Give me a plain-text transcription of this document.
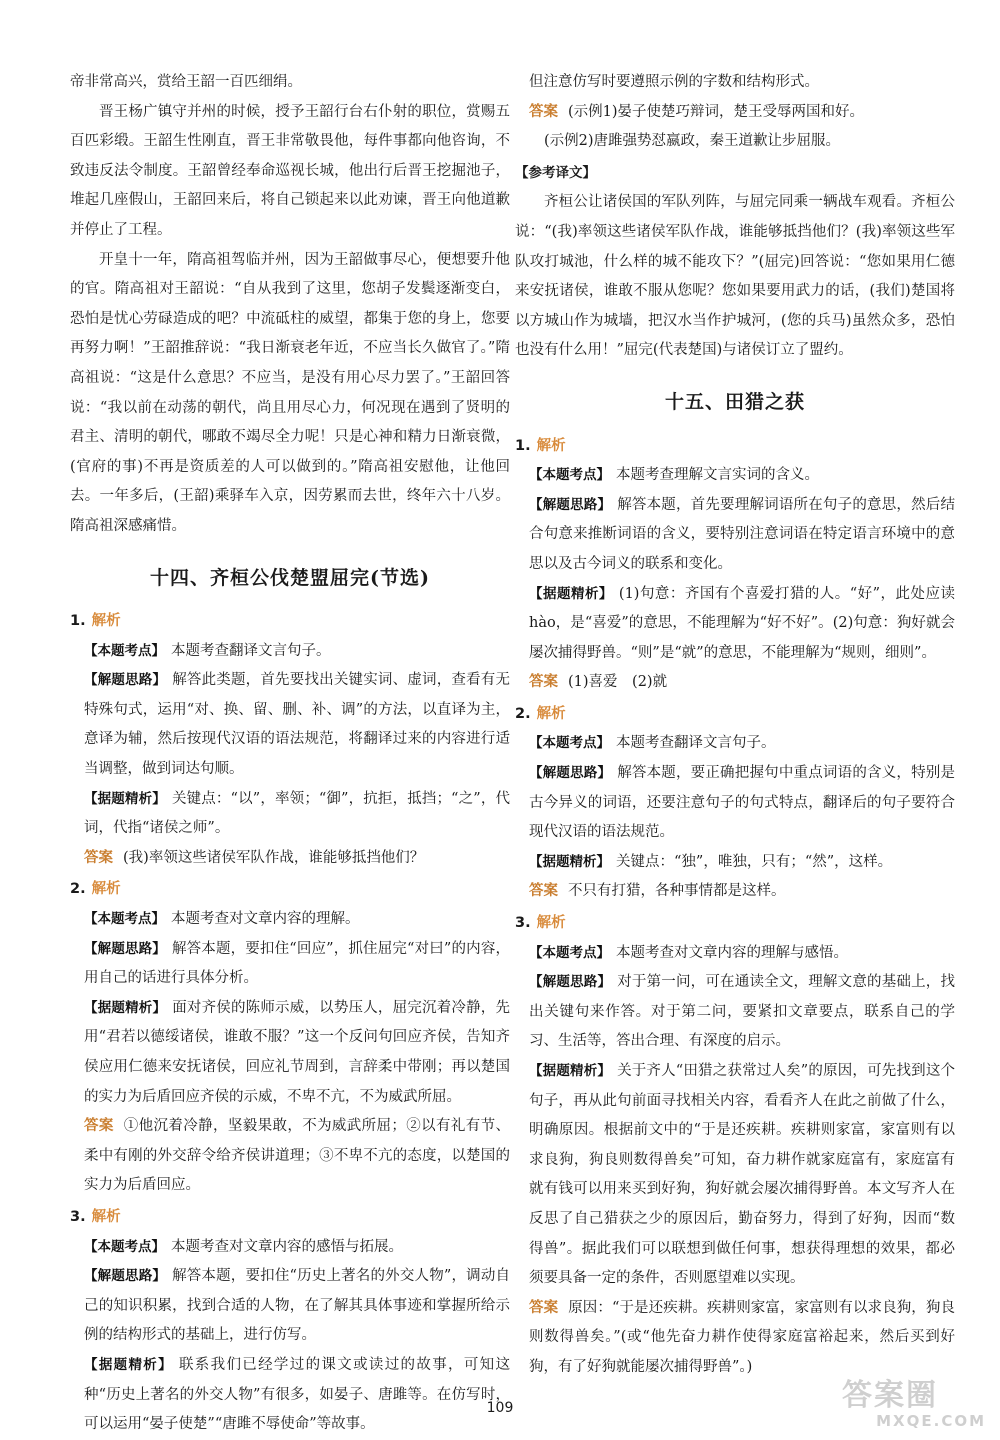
帝非常高兴，赏给王韶一百匹细绢。

晋王杨广镇守并州的时候，授予王韶行台右仆射的职位，赏赐五百匹彩缎。王韶生性刚直，晋王非常敬畏他，每件事都向他咨询，不致违反法令制度。王韶曾经奉命巡视长城，他出行后晋王挖掘池子，堆起几座假山，王韶回来后，将自己锁起来以此劝谏，晋王向他道歉并停止了工程。

开皇十一年，隋高祖驾临并州，因为王韶做事尽心，便想要升他的官。隋高祖对王韶说：“自从我到了这里，您胡子发鬓逐渐变白，恐怕是忧心劳碌造成的吧？中流砥柱的威望，都集于您的身上，您要再努力啊！”王韶推辞说：“我日渐衰老年近，不应当长久做官了。”隋高祖说：“这是什么意思？不应当，是没有用心尽力罢了。”王韶回答说：“我以前在动荡的朝代，尚且用尽心力，何况现在遇到了贤明的君主、清明的朝代，哪敢不竭尽全力呢！只是心神和精力日渐衰微，(官府的事)不再是资质差的人可以做到的。”隋高祖安慰他，让他回去。一年多后，(王韶)乘驿车入京，因劳累而去世，终年六十八岁。隋高祖深感痛惜。

十四、齐桓公伐楚盟屈完(节选)
1. 解析

【本题考点】 本题考查翻译文言句子。

【解题思路】 解答此类题，首先要找出关键实词、虚词，查看有无特殊句式，运用“对、换、留、删、补、调”的方法，以直译为主，意译为辅，然后按现代汉语的语法规范，将翻译过来的内容进行适当调整，做到词达句顺。

【据题精析】 关键点：“以”，率领；“御”，抗拒，抵挡；“之”，代词，代指“诸侯之师”。

答案 (我)率领这些诸侯军队作战，谁能够抵挡他们？

2. 解析

【本题考点】 本题考查对文章内容的理解。

【解题思路】 解答本题，要扣住“回应”，抓住屈完“对曰”的内容，用自己的话进行具体分析。

【据题精析】 面对齐侯的陈师示威，以势压人，屈完沉着冷静，先用“君若以德绥诸侯，谁敢不服？”这一个反问句回应齐侯，告知齐侯应用仁德来安抚诸侯，回应礼节周到，言辞柔中带刚；再以楚国的实力为后盾回应齐侯的示威，不卑不亢，不为威武所屈。

答案 ①他沉着冷静，坚毅果敢，不为威武所屈；②以有礼有节、柔中有刚的外交辞令给齐侯讲道理；③不卑不亢的态度，以楚国的实力为后盾回应。

3. 解析

【本题考点】 本题考查对文章内容的感悟与拓展。

【解题思路】 解答本题，要扣住“历史上著名的外交人物”，调动自己的知识积累，找到合适的人物，在了解其具体事迹和掌握所给示例的结构形式的基础上，进行仿写。

【据题精析】 联系我们已经学过的课文或读过的故事，可知这种“历史上著名的外交人物”有很多，如晏子、唐雎等。在仿写时，可以运用“晏子使楚”“唐雎不辱使命”等故事。

但注意仿写时要遵照示例的字数和结构形式。

答案 (示例1)晏子使楚巧辩词，楚王受辱两国和好。

(示例2)唐雎强势怼嬴政，秦王道歉让步屈服。

【参考译文】

齐桓公让诸侯国的军队列阵，与屈完同乘一辆战车观看。齐桓公说：“(我)率领这些诸侯军队作战，谁能够抵挡他们？(我)率领这些军队攻打城池，什么样的城不能攻下？”(屈完)回答说：“您如果用仁德来安抚诸侯，谁敢不服从您呢？您如果要用武力的话，(我们)楚国将以方城山作为城墙，把汉水当作护城河，(您的兵马)虽然众多，恐怕也没有什么用！”屈完(代表楚国)与诸侯订立了盟约。

十五、田猎之获
1. 解析

【本题考点】 本题考查理解文言实词的含义。

【解题思路】 解答本题，首先要理解词语所在句子的意思，然后结合句意来推断词语的含义，要特别注意词语在特定语言环境中的意思以及古今词义的联系和变化。

【据题精析】 (1)句意：齐国有个喜爱打猎的人。“好”，此处应读 hào，是“喜爱”的意思，不能理解为“好不好”。(2)句意：狗好就会屡次捕得野兽。“则”是“就”的意思，不能理解为“规则，细则”。

答案 (1)喜爱　(2)就

2. 解析

【本题考点】 本题考查翻译文言句子。

【解题思路】 解答本题，要正确把握句中重点词语的含义，特别是古今异义的词语，还要注意句子的句式特点，翻译后的句子要符合现代汉语的语法规范。

【据题精析】 关键点：“独”，唯独，只有；“然”，这样。

答案 不只有打猎，各种事情都是这样。

3. 解析

【本题考点】 本题考查对文章内容的理解与感悟。

【解题思路】 对于第一问，可在通读全文，理解文意的基础上，找出关键句来作答。对于第二问，要紧扣文章要点，联系自己的学习、生活等，答出合理、有深度的启示。

【据题精析】 关于齐人“田猎之获常过人矣”的原因，可先找到这个句子，再从此句前面寻找相关内容，看看齐人在此之前做了什么，明确原因。根据前文中的“于是还疾耕。疾耕则家富，家富则有以求良狗，狗良则数得兽矣”可知，奋力耕作就家庭富有，家庭富有就有钱可以用来买到好狗，狗好就会屡次捕得野兽。本文写齐人在反思了自己猎获之少的原因后，勤奋努力，得到了好狗，因而“数得兽”。据此我们可以联想到做任何事，想获得理想的效果，都必须要具备一定的条件，否则愿望难以实现。

答案 原因：“于是还疾耕。疾耕则家富，家富则有以求良狗，狗良则数得兽矣。”(或“他先奋力耕作使得家庭富裕起来，然后买到好狗，有了好狗就能屡次捕得野兽”。)

109	答案圈
MXQE.COM
